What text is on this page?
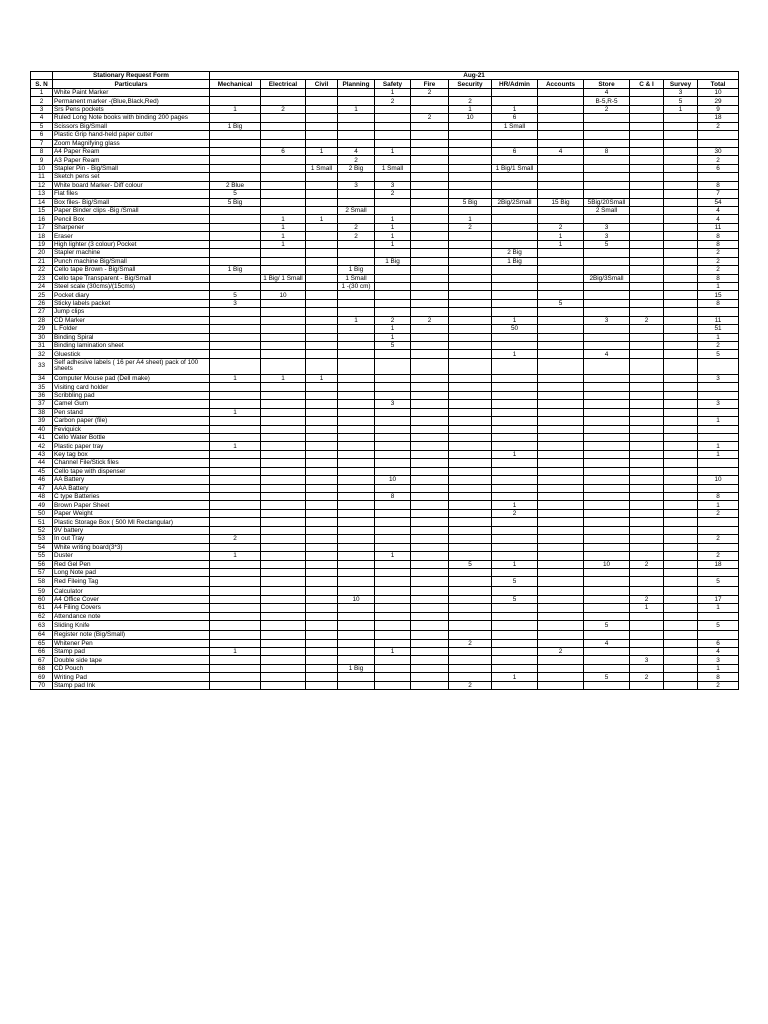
	Stationary Request Form	Aug-21												
S. N	Particulars	Mechanical	Electrical	Civil	Planning	Safety	Fire	Security	HR/Admin	Accounts	Store	C & I	Survey	Total
1	White Paint Marker					1	2				4		3	10
2	Permanent marker -(Blue,Black,Red)					2		2			B-5,R-5		5	29
3	Srs Pens pockets	1	2		1			1	1		2		1	9
4	Ruled Long Note books with binding 200 pages						2	10	6					18
5	Scissors Big/Small	1 Big							1 Small					2
6	Plastic Grip hand-held paper cutter													
7	Zoom Magnifying glass													
8	A4 Paper Ream		6	1	4	1			6	4	8			30
9	A3 Paper Ream				2									2
10	Stapler Pin - Big/Small			1 Small	2 Big	1 Small			1 Big/1 Small					6
11	Sketch pens set													
12	White board Marker- Diff colour	2 Blue			3	3								8
13	Flat files	5				2								7
14	Box files- Big/Small	5 Big						5 Big	2Big/2Small	15 Big	5Big/20Small			54
15	Paper Binder clips -Big /Small				2 Small						2 Small			4
16	Pencil Box		1	1		1		1						4
17	Sharpener		1		2	1		2		2	3			11
18	Eraser		1		2	1				1	3			8
19	High lighter (3 colour) Pocket		1			1				1	5			8
20	Stapler machine								2 Big					2
21	Punch machine Big/Small					1 Big			1 Big					2
22	Cello tape Brown - Big/Small	1 Big			1 Big									2
23	Cello tape Transparent - Big/Small		1 Big/ 1 Small		1 Small						2Big/3Small			8
24	Steel scale (30cms)/(15cms)				1 -(30 cm)									1
25	Pocket diary	5	10											15
26	Sticky labels packet	3								5				8
27	Jump clips													
28	CD Marker				1	2	2		1		3	2		11
29	L Folder					1			50					51
30	Binding Spiral					1								1
31	Binding lamination sheet					5								2
32	Gluestick								1		4			5
33	Self adhesive labels ( 16 per A4 sheet) pack of 100 sheets													
34	Computer Mouse pad (Dell make)	1	1	1										3
35	Visiting card holder													
36	Scribbling pad													
37	Camel Gum					3								3
38	Pen stand	1												
39	Carbon paper (file)													1
40	Feviquick													
41	Cello Water Bottle													
42	Plastic paper tray	1												1
43	Key tag box								1					1
44	Channel File/Stick files													
45	Cello tape with dispenser													
46	AA Battery					10								10
47	AAA Battery													
48	C type Batteries					8								8
49	Brown Paper Sheet								1					1
50	Paper Weight								2					2
51	Plastic Storage Box ( 500 Ml Rectangular)													
52	9V battery													
53	In out Tray	2												2
54	White writing board(3*3)													
55	Duster	1				1								2
56	Red Gel Pen							5	1		10	2		18
57	Long Note pad													
58	Red Fileing Tag								5					5
59	Calculator													
60	A4 Office Cover				10				5			2		17
61	A4 Filing Covers											1		1
62	Attendance note													
63	Sliding Knife										5			5
64	Register note (Big/Small)													
65	Whitener Pen							2			4			6
66	Stamp pad	1				1				2				4
67	Double side tape											3		3
68	CD Pouch				1 Big									1
69	Writing Pad								1		5	2		8
70	Stamp pad Ink							2						2
